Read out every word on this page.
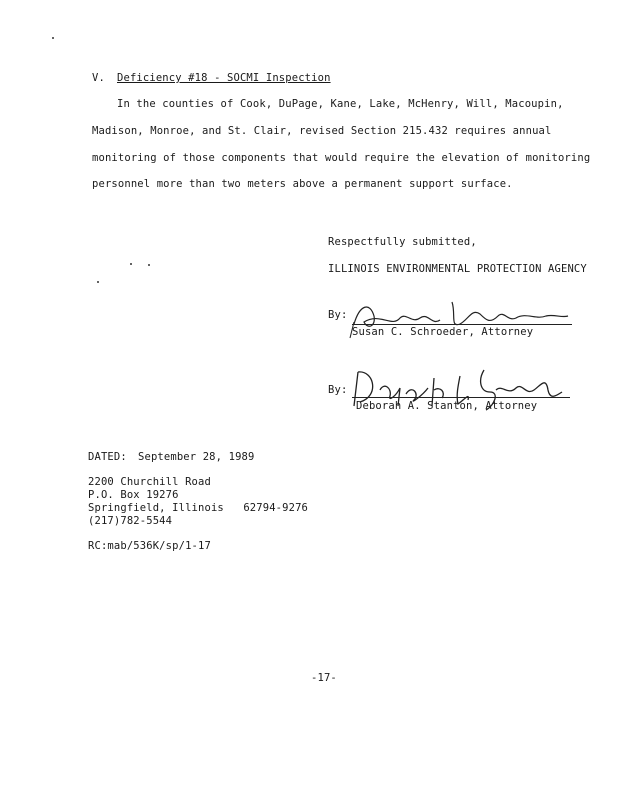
V. Deficiency #18 - SOCMI Inspection
In the counties of Cook, DuPage, Kane, Lake, McHenry, Will, Macoupin,
Madison, Monroe, and St. Clair, revised Section 215.432 requires annual
monitoring of those components that would require the elevation of monitoring
personnel more than two meters above a permanent support surface.
Respectfully submitted,
ILLINOIS ENVIRONMENTAL PROTECTION AGENCY
By:
Susan C. Schroeder, Attorney
By:
Deborah A. Stanton, Attorney
DATED: September 28, 1989
2200 Churchill Road
P.O. Box 19276
Springfield, Illinois   62794-9276
(217)782-5544
RC:mab/536K/sp/1-17
-17-
